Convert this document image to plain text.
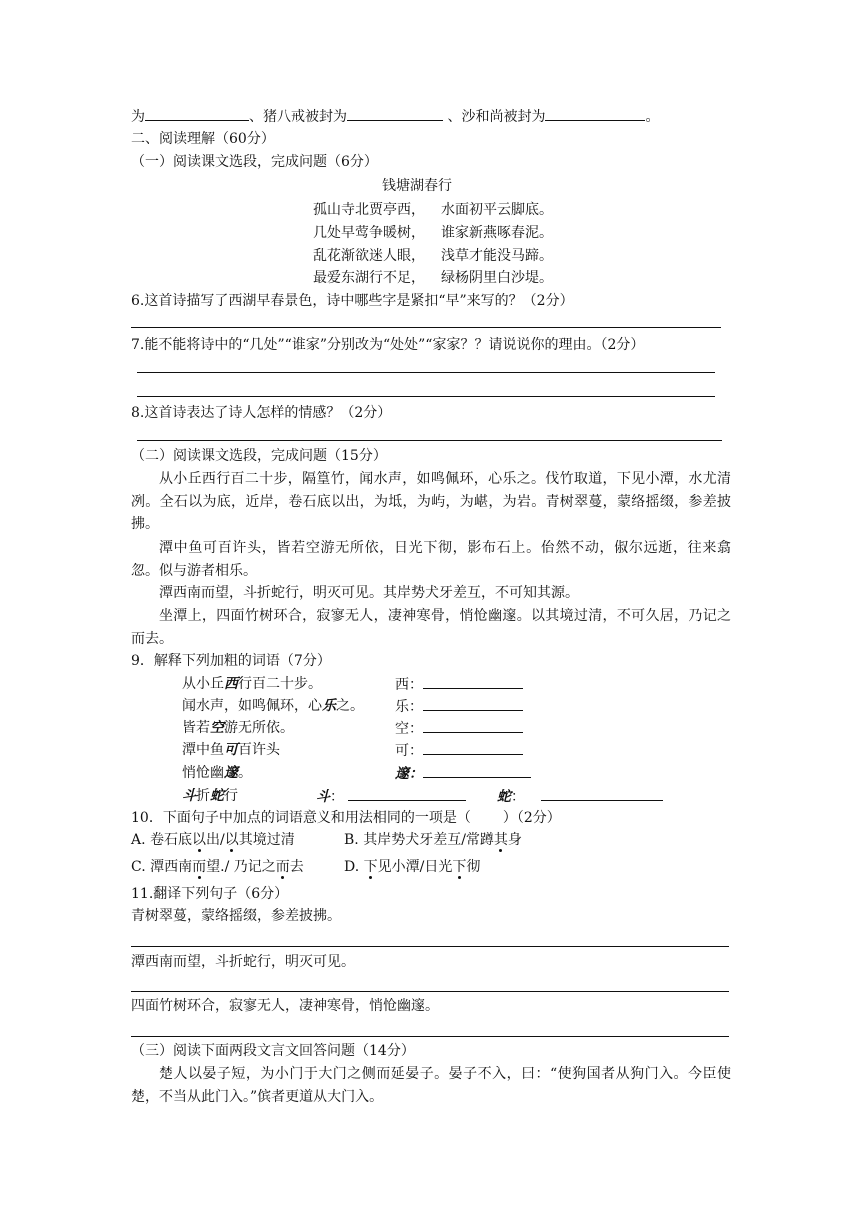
为	、猪八戒被封为	、沙和尚被封为	。
二、阅读理解（60分）
（一）阅读课文选段，完成问题（6分）
钱塘湖春行
孤山寺北贾亭西， 水面初平云脚底。
几处早莺争暖树， 谁家新燕啄春泥。
乱花渐欲迷人眼， 浅草才能没马蹄。
最爱东湖行不足， 绿杨阴里白沙堤。
6.这首诗描写了西湖早春景色，诗中哪些字是紧扣“早”来写的？（2分）
7.能不能将诗中的“几处”“谁家”分别改为“处处”“家家？？请说说你的理由。（2分）
8.这首诗表达了诗人怎样的情感？（2分）
（二）阅读课文选段，完成问题（15分）
从小丘西行百二十步，隔篁竹，闻水声，如鸣佩环，心乐之。伐竹取道，下见小潭，水尤清冽。全石以为底，近岸，卷石底以出，为坻，为屿，为嵁，为岩。青树翠蔓，蒙络摇缀，参差披拂。
潭中鱼可百许头，皆若空游无所依，日光下彻，影布石上。佁然不动，俶尔远逝，往来翕忽。似与游者相乐。
潭西南而望，斗折蛇行，明灭可见。其岸势犬牙差互，不可知其源。
坐潭上，四面竹树环合，寂寥无人，凄神寒骨，悄怆幽邃。以其境过清，不可久居，乃记之而去。
9．解释下列加粗的词语（7分）
从小丘西行百二十步。	西：
闻水声，如鸣佩环，心乐之。 乐：
皆若空游无所依。	空：
潭中鱼可百许头	可：
悄怆幽邃。	邃：
斗折蛇行	斗：	蛇：
10．下面句子中加点的词语意义和用法相同的一项是（ ）（2分）
A. 卷石底以出/以其境过清	B. 其岸势犬牙差互/常蹲其身
C. 潭西南而望./ 乃记之而去	D. 下见小潭/日光下彻
11.翻译下列句子（6分）
青树翠蔓，蒙络摇缀，参差披拂。
潭西南而望，斗折蛇行，明灭可见。
四面竹树环合，寂寥无人，凄神寒骨，悄怆幽邃。
（三）阅读下面两段文言文回答问题（14分）
楚人以晏子短，为小门于大门之侧而延晏子。晏子不入，曰：“使狗国者从狗门入。今臣使楚，不当从此门入。”傧者更道从大门入。
